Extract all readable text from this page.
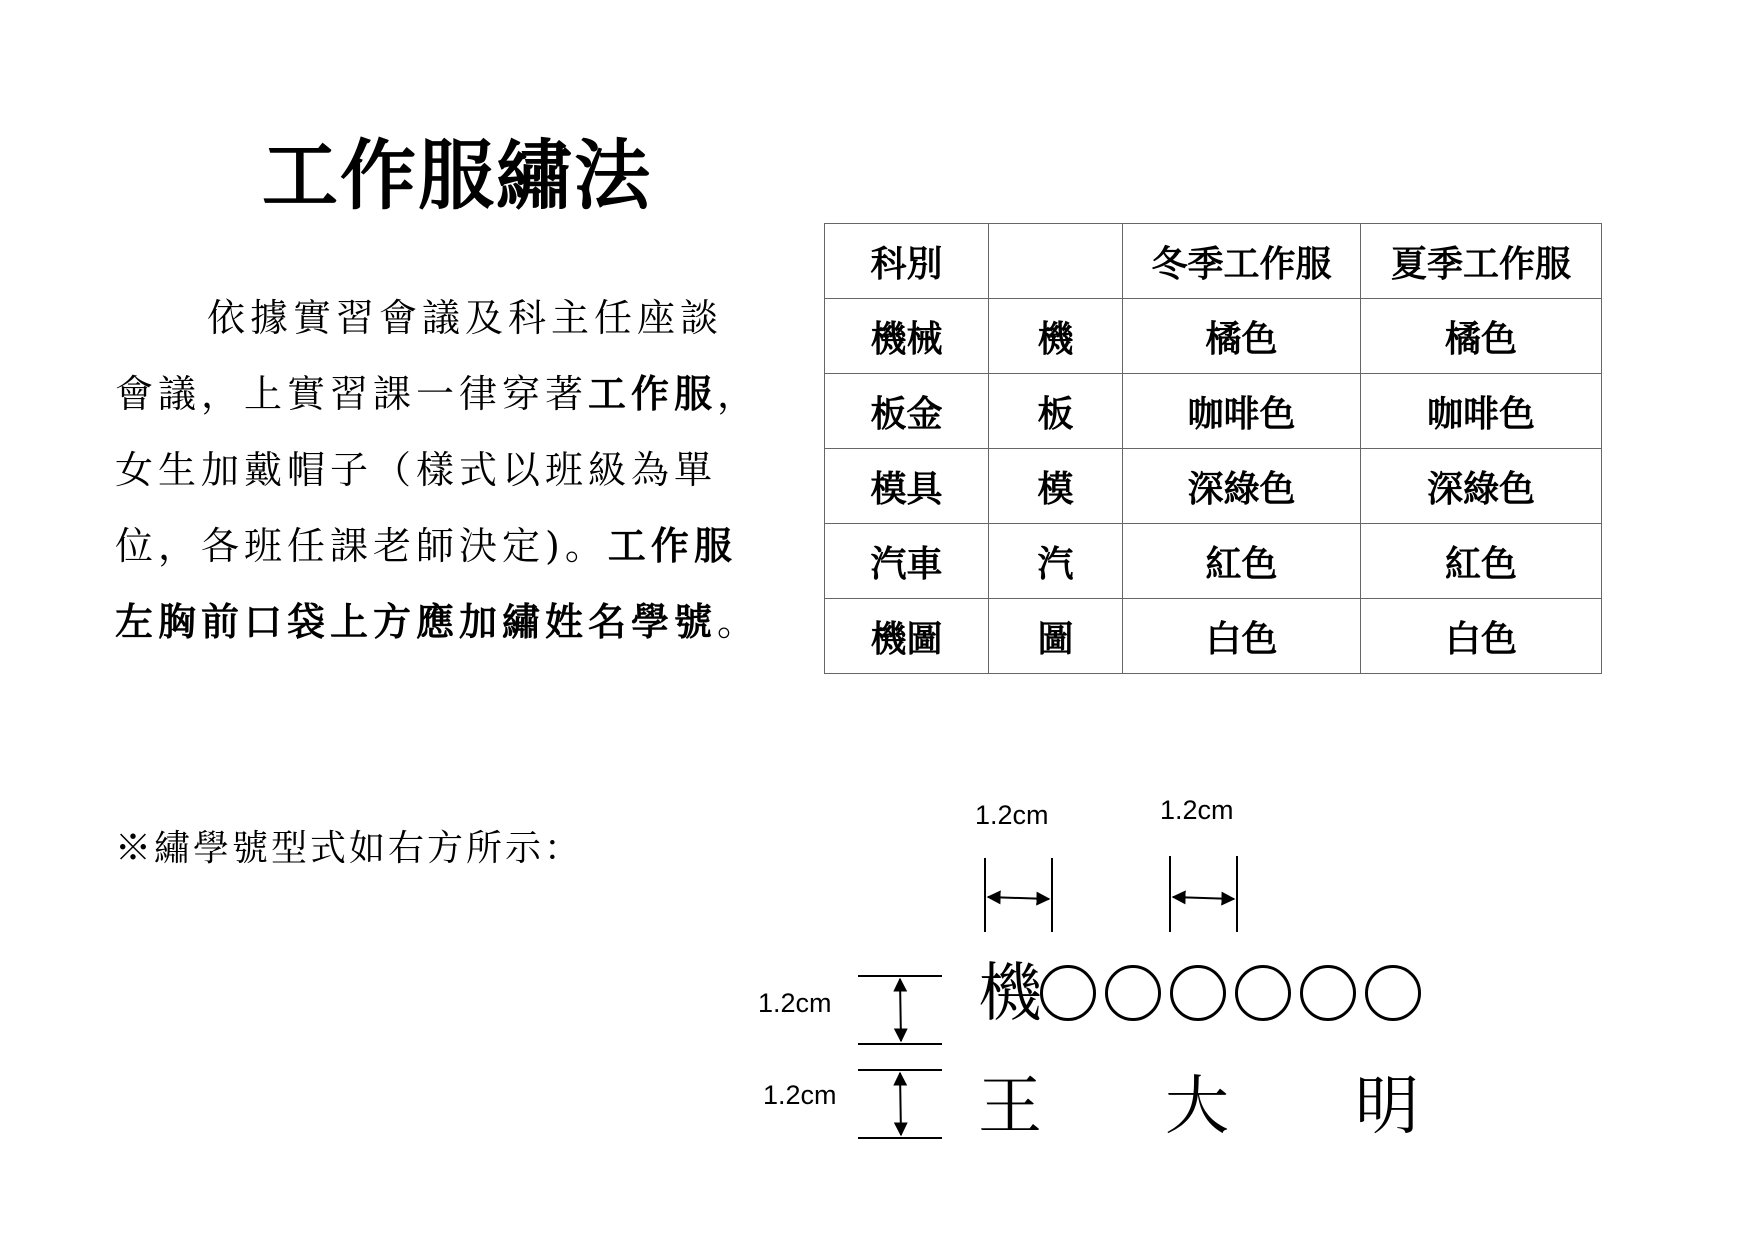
工作服繡法
依據實習會議及科主任座談
會議，上實習課一律穿著工作服，
女生加戴帽子（樣式以班級為單
位，各班任課老師決定)。工作服
左胸前口袋上方應加繡姓名學號。
科別		冬季工作服	夏季工作服
機械	機	橘色	橘色
板金	板	咖啡色	咖啡色
模具	模	深綠色	深綠色
汽車	汽	紅色	紅色
機圖	圖	白色	白色
※繡學號型式如右方所示：
1.2cm	1.2cm
1.2cm
1.2cm
機
王 大 明
